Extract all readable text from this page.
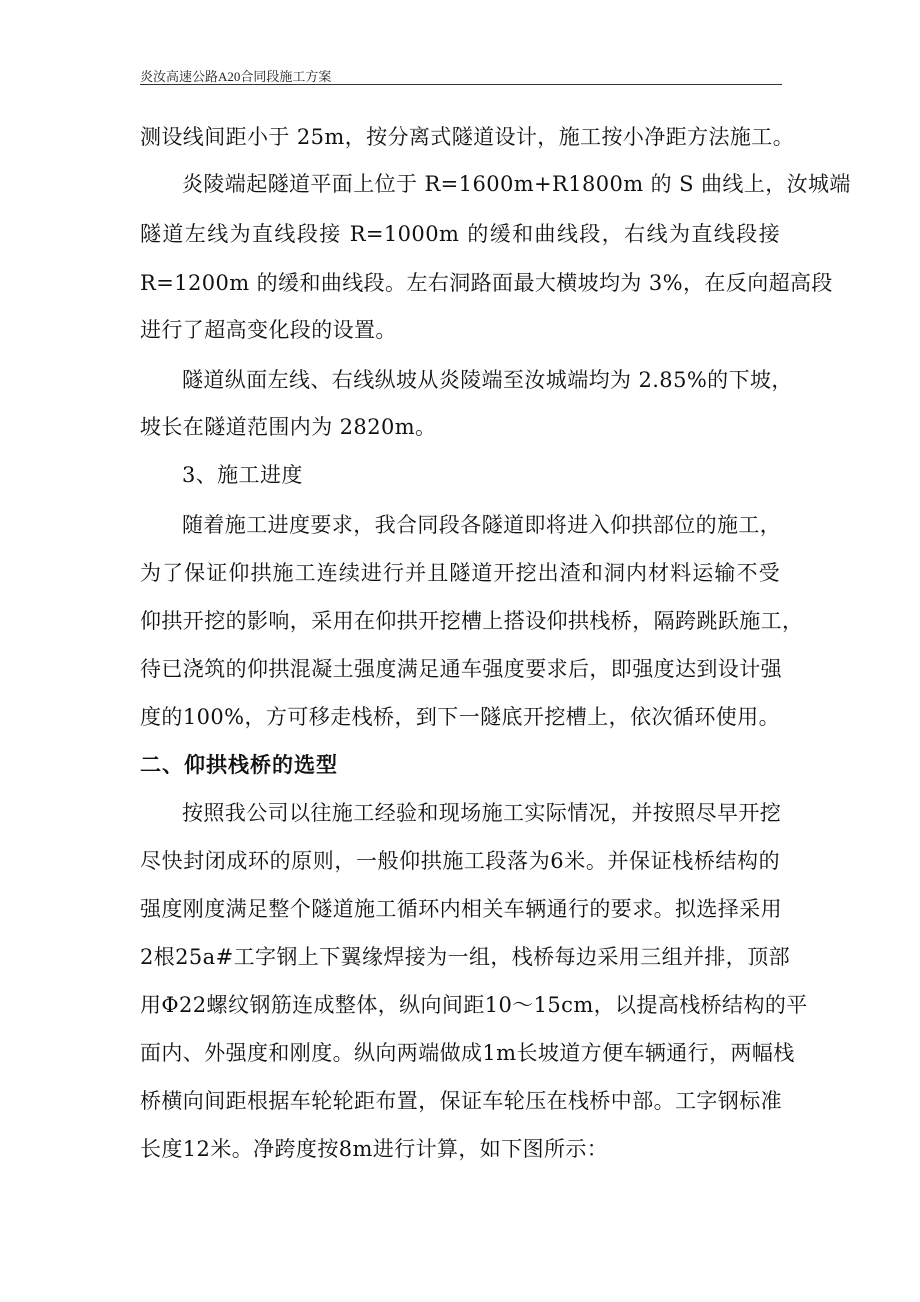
炎汝高速公路A20合同段施工方案
测设线间距小于 25m，按分离式隧道设计，施工按小净距方法施工。
炎陵端起隧道平面上位于 R=1600m+R1800m 的 S 曲线上，汝城端
隧道左线为直线段接 R=1000m 的缓和曲线段，右线为直线段接
R=1200m 的缓和曲线段。左右洞路面最大横坡均为 3%，在反向超高段
进行了超高变化段的设置。
隧道纵面左线、右线纵坡从炎陵端至汝城端均为 2.85%的下坡，
坡长在隧道范围内为 2820m。
3、施工进度
随着施工进度要求，我合同段各隧道即将进入仰拱部位的施工，
为了保证仰拱施工连续进行并且隧道开挖出渣和洞内材料运输不受
仰拱开挖的影响，采用在仰拱开挖槽上搭设仰拱栈桥，隔跨跳跃施工，
待已浇筑的仰拱混凝土强度满足通车强度要求后，即强度达到设计强
度的100%，方可移走栈桥，到下一隧底开挖槽上，依次循环使用。
二、仰拱栈桥的选型
按照我公司以往施工经验和现场施工实际情况，并按照尽早开挖
尽快封闭成环的原则，一般仰拱施工段落为6米。并保证栈桥结构的
强度刚度满足整个隧道施工循环内相关车辆通行的要求。拟选择采用
2根25a#工字钢上下翼缘焊接为一组，栈桥每边采用三组并排，顶部
用Φ22螺纹钢筋连成整体，纵向间距10～15cm，以提高栈桥结构的平
面内、外强度和刚度。纵向两端做成1m长坡道方便车辆通行，两幅栈
桥横向间距根据车轮轮距布置，保证车轮压在栈桥中部。工字钢标准
长度12米。净跨度按8m进行计算，如下图所示：
